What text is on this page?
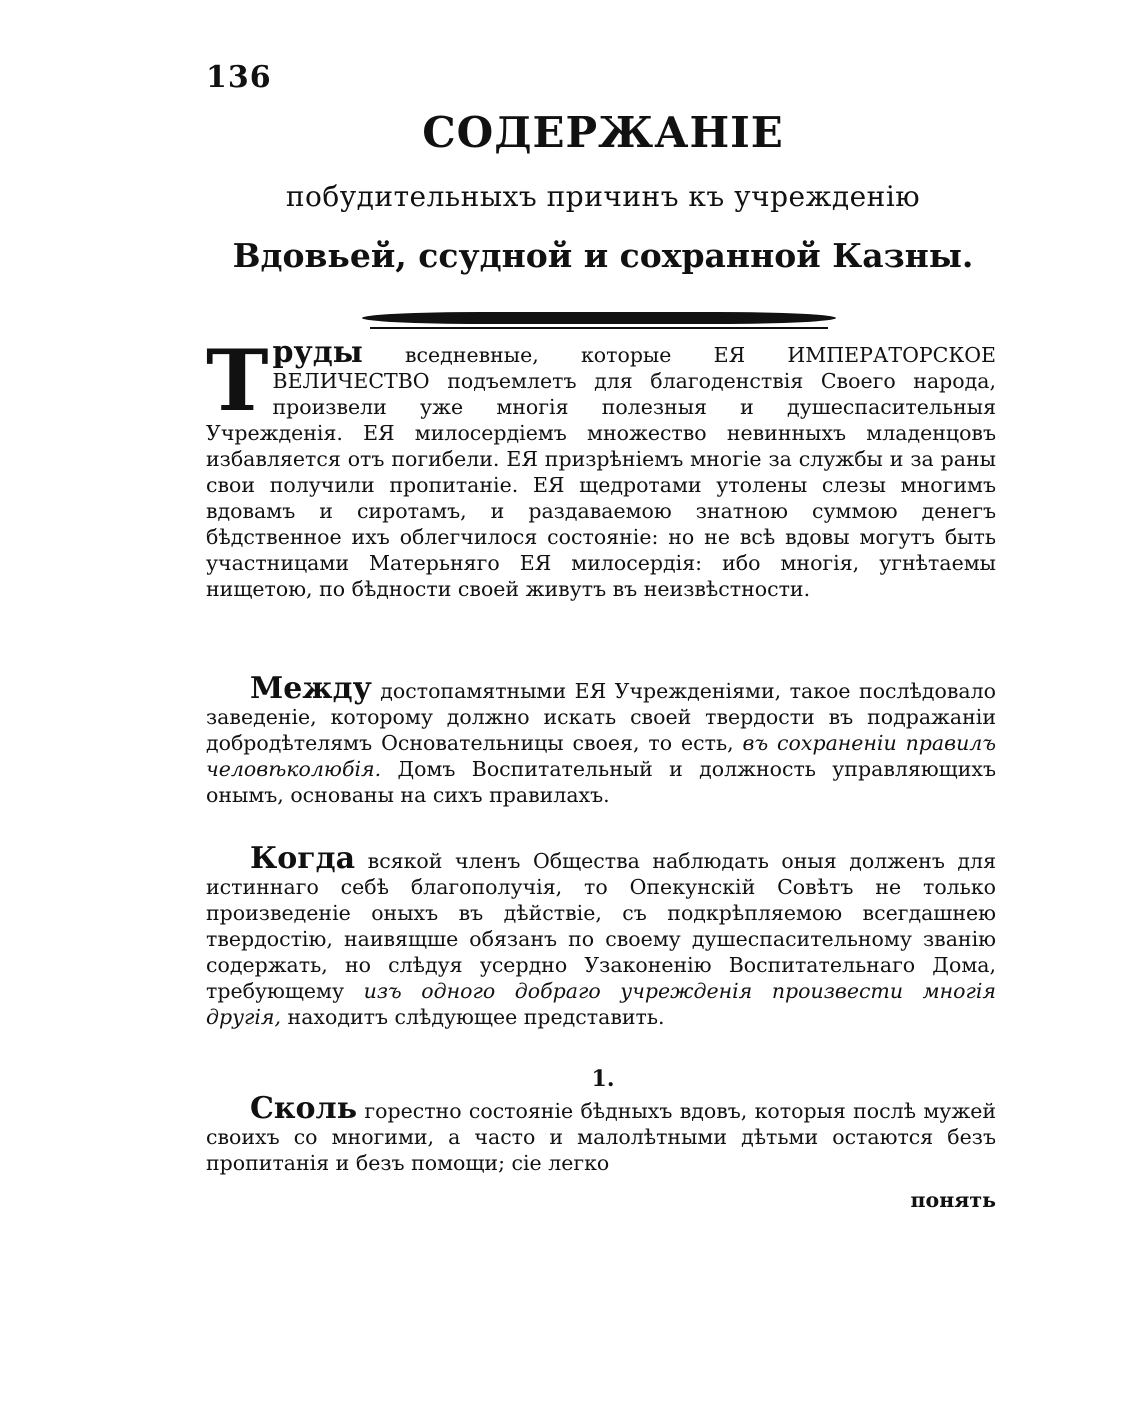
136
СОДЕРЖАНІЕ
побудительныхъ причинъ къ учрежденію
Вдовьей, ссудной и сохранной Казны.
Труды вседневные, которые ЕЯ ИМПЕРАТОРСКОЕ ВЕЛИЧЕСТВО подъемлетъ для благоденствія Своего народа, произвели уже многія полезныя и душеспасительныя Учрежденія. ЕЯ милосердіемъ множество невинныхъ младенцовъ избавляется отъ погибели. ЕЯ призрѣніемъ многіе за службы и за раны свои получили пропитаніе. ЕЯ щедротами утолены слезы многимъ вдовамъ и сиротамъ, и раздаваемою знатною суммою денегъ бѣдственное ихъ облегчилося состояніе: но не всѣ вдовы могутъ быть участницами Матерьняго ЕЯ милосердія: ибо многія, угнѣтаемы нищетою, по бѣдности своей живутъ въ неизвѣстности.
Между достопамятными ЕЯ Учрежденіями, такое послѣдовало заведеніе, которому должно искать своей твердости въ подражаніи добродѣтелямъ Основательницы своея, то есть, въ сохраненіи правилъ человѣколюбія. Домъ Воспитательный и должность управляющихъ онымъ, основаны на сихъ правилахъ.
Когда всякой членъ Общества наблюдать оныя долженъ для истиннаго себѣ благополучія, то Опекунскій Совѣтъ не только произведеніе оныхъ въ дѣйствіе, съ подкрѣпляемою всегдашнею твердостію, наивящше обязанъ по своему душеспасительному званію содержать, но слѣдуя усердно Узаконенію Воспитательнаго Дома, требующему изъ одного добраго учрежденія произвести многія другія, находитъ слѣдующее представить.
1.
Сколь горестно состояніе бѣдныхъ вдовъ, которыя послѣ мужей своихъ со многими, а часто и малолѣтными дѣтьми остаются безъ пропитанія и безъ помощи; сіе легко
понять
